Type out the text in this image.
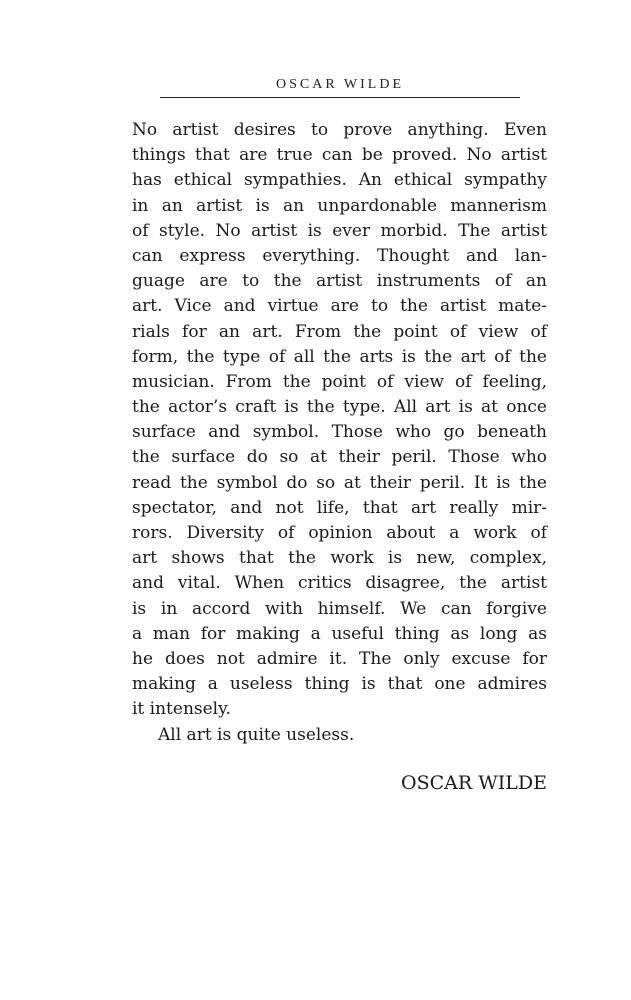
OSCAR WILDE
No artist desires to prove anything. Even
things that are true can be proved. No artist
has ethical sympathies. An ethical sympathy
in an artist is an unpardonable mannerism
of style. No artist is ever morbid. The artist
can express everything. Thought and lan-
guage are to the artist instruments of an
art. Vice and virtue are to the artist mate-
rials for an art. From the point of view of
form, the type of all the arts is the art of the
musician. From the point of view of feeling,
the actor’s craft is the type. All art is at once
surface and symbol. Those who go beneath
the surface do so at their peril. Those who
read the symbol do so at their peril. It is the
spectator, and not life, that art really mir-
rors. Diversity of opinion about a work of
art shows that the work is new, complex,
and vital. When critics disagree, the artist
is in accord with himself. We can forgive
a man for making a useful thing as long as
he does not admire it. The only excuse for
making a useless thing is that one admires
it intensely.
All art is quite useless.
OSCAR WILDE
